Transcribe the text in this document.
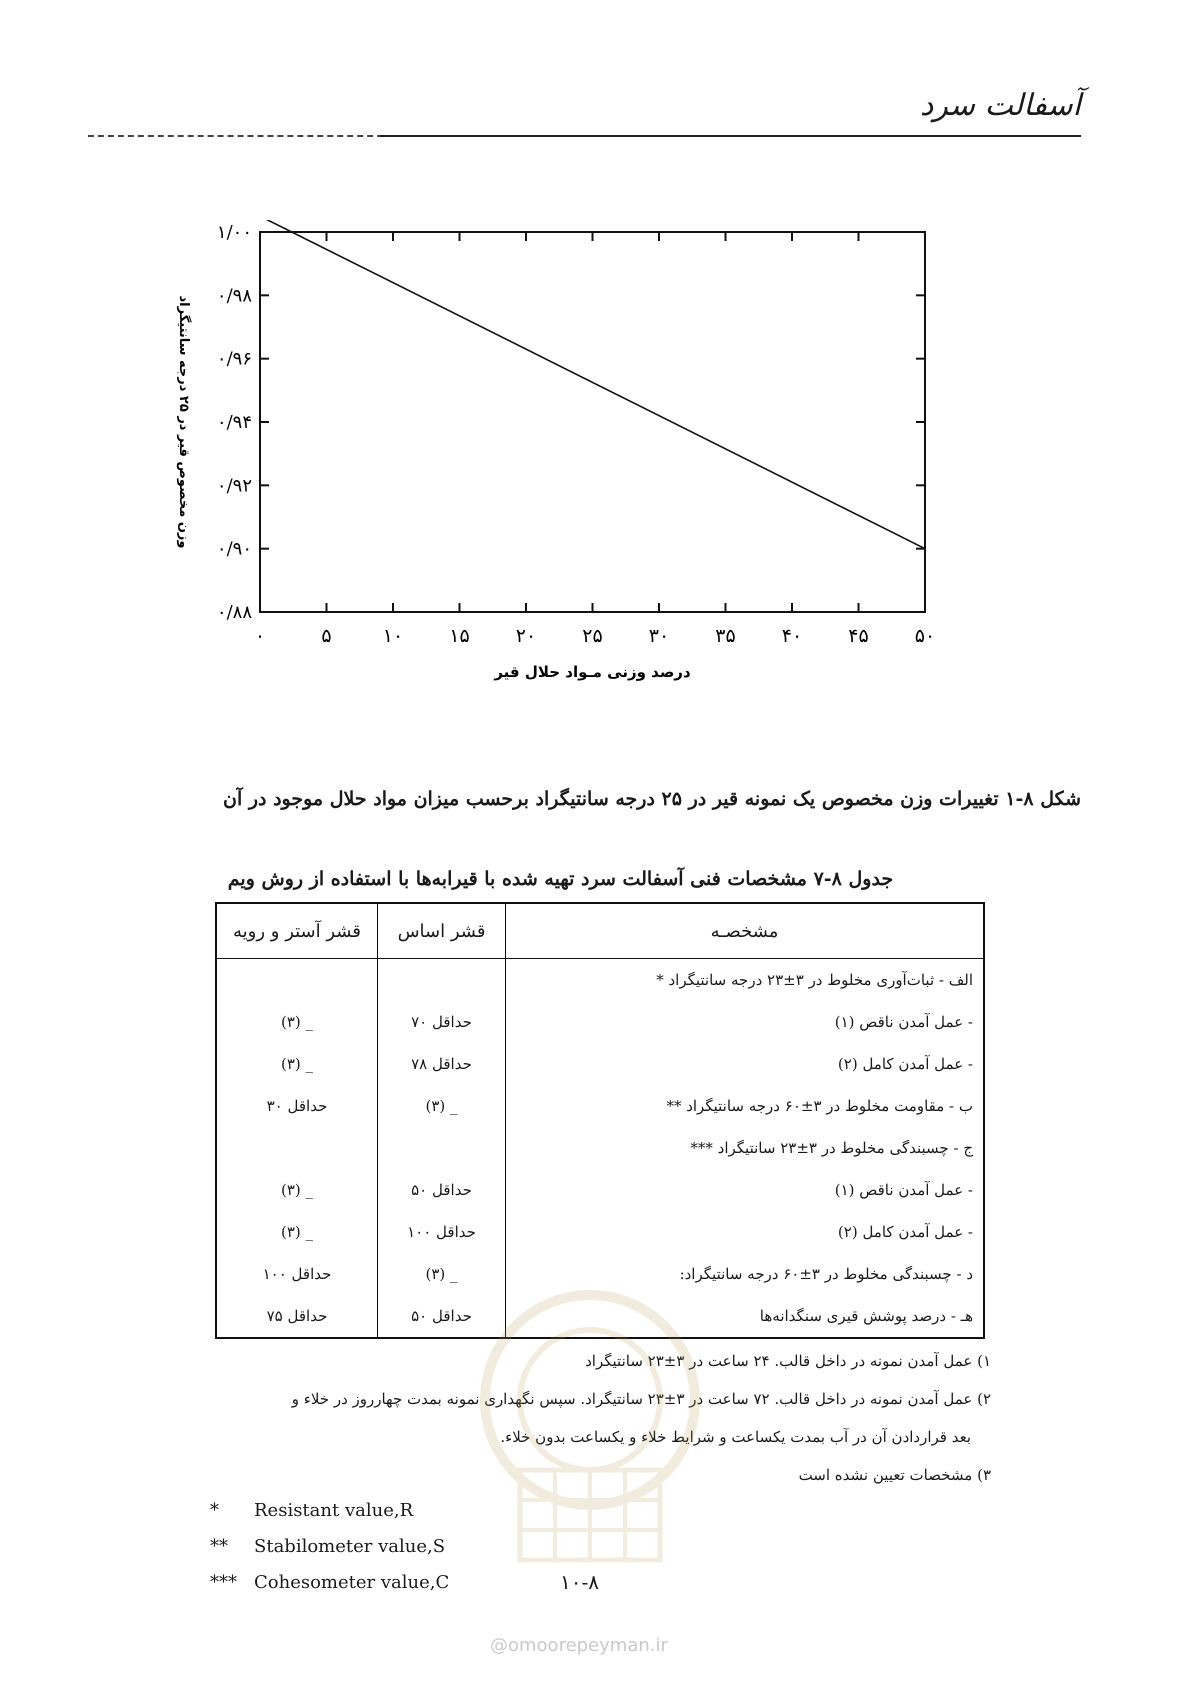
آسفالت سرد
۰	۵	۱۰ ۱۵ ۲۰ ۲۵ ۳۰ ۳۵ ۴۰ ۴۵ ۵۰
۰/۸۸
۰/۹۰
۰/۹۲
۰/۹۴
۰/۹۶
۰/۹۸
۱/۰۰
درصد وزنی مـواد حلال قیر
وزن مخصوص قیر در ۲۵ درجه سانتیگراد
شکل ۸-۱ تغییرات وزن مخصوص یک نمونه قیر در ۲۵ درجه سانتیگراد برحسب میزان مواد حلال موجود در آن
جدول ۸-۷ مشخصات فنی آسفالت سرد تهیه شده با قیرابه‌ها با استفاده از روش ویم
مشخصـه	قشر اساس	قشر آستر و رویه
الف - ثبات‌آوری مخلوط در ۳±۲۳ درجه سانتیگراد *		
- عمل آمدن ناقص (۱)	حداقل ۷۰	_ (۳)
- عمل آمدن کامل (۲)	حداقل ۷۸	_ (۳)
ب - مقاومت مخلوط در ۳±۶۰ درجه سانتیگراد **	_ (۳)	حداقل ۳۰
ج - چسبندگی مخلوط در ۳±۲۳ سانتیگراد ***		
- عمل آمدن ناقص (۱)	حداقل ۵۰	_ (۳)
- عمل آمدن کامل (۲)	حداقل ۱۰۰	_ (۳)
د - چسبندگی مخلوط در ۳±۶۰ درجه سانتیگراد:	_ (۳)	حداقل ۱۰۰
هـ - درصد پوشش قیری سنگدانه‌ها	حداقل ۵۰	حداقل ۷۵
۱) عمل آمدن نمونه در داخل قالب. ۲۴ ساعت در ۳±۲۳ سانتیگراد
۲) عمل آمدن نمونه در داخل قالب. ۷۲ ساعت در ۳±۲۳ سانتیگراد. سپس نگهداری نمونه بمدت چهارروز در خلاء و
بعد قراردادن آن در آب بمدت یکساعت و شرایط خلاء و یکساعت بدون خلاء.
۳) مشخصات تعیین نشده است
* Resistant value,R
** Stabilometer value,S
*** Cohesometer value,C	۱۰-۸
@omoorepeyman.ir
